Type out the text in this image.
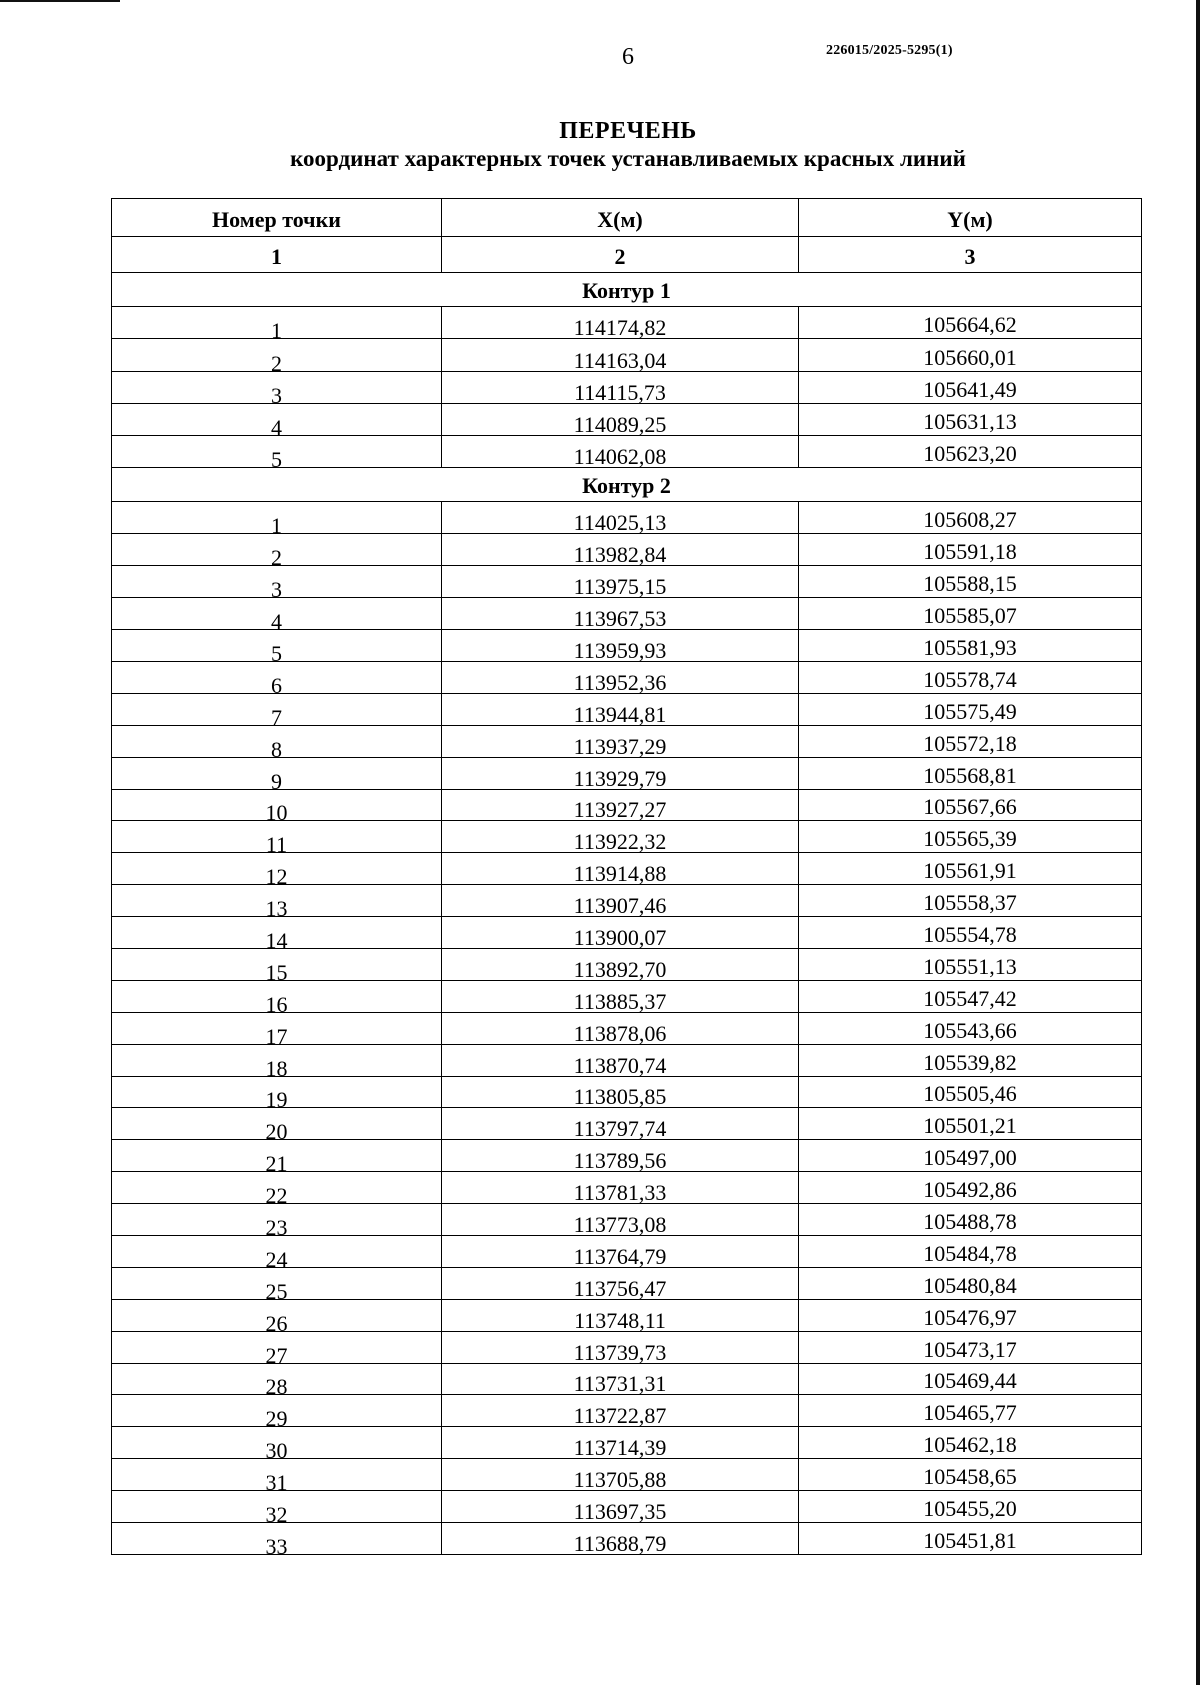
6	226015/2025-5295(1)
ПЕРЕЧЕНЬ
координат характерных точек устанавливаемых красных линий
Номер точки	X(м)	Y(м)
1	2	3
Контур 1		
1	114174,82	105664,62
2	114163,04	105660,01
3	114115,73	105641,49
4	114089,25	105631,13
5	114062,08	105623,20
Контур 2		
1	114025,13	105608,27
2	113982,84	105591,18
3	113975,15	105588,15
4	113967,53	105585,07
5	113959,93	105581,93
6	113952,36	105578,74
7	113944,81	105575,49
8	113937,29	105572,18
9	113929,79	105568,81
10	113927,27	105567,66
11	113922,32	105565,39
12	113914,88	105561,91
13	113907,46	105558,37
14	113900,07	105554,78
15	113892,70	105551,13
16	113885,37	105547,42
17	113878,06	105543,66
18	113870,74	105539,82
19	113805,85	105505,46
20	113797,74	105501,21
21	113789,56	105497,00
22	113781,33	105492,86
23	113773,08	105488,78
24	113764,79	105484,78
25	113756,47	105480,84
26	113748,11	105476,97
27	113739,73	105473,17
28	113731,31	105469,44
29	113722,87	105465,77
30	113714,39	105462,18
31	113705,88	105458,65
32	113697,35	105455,20
33	113688,79	105451,81
